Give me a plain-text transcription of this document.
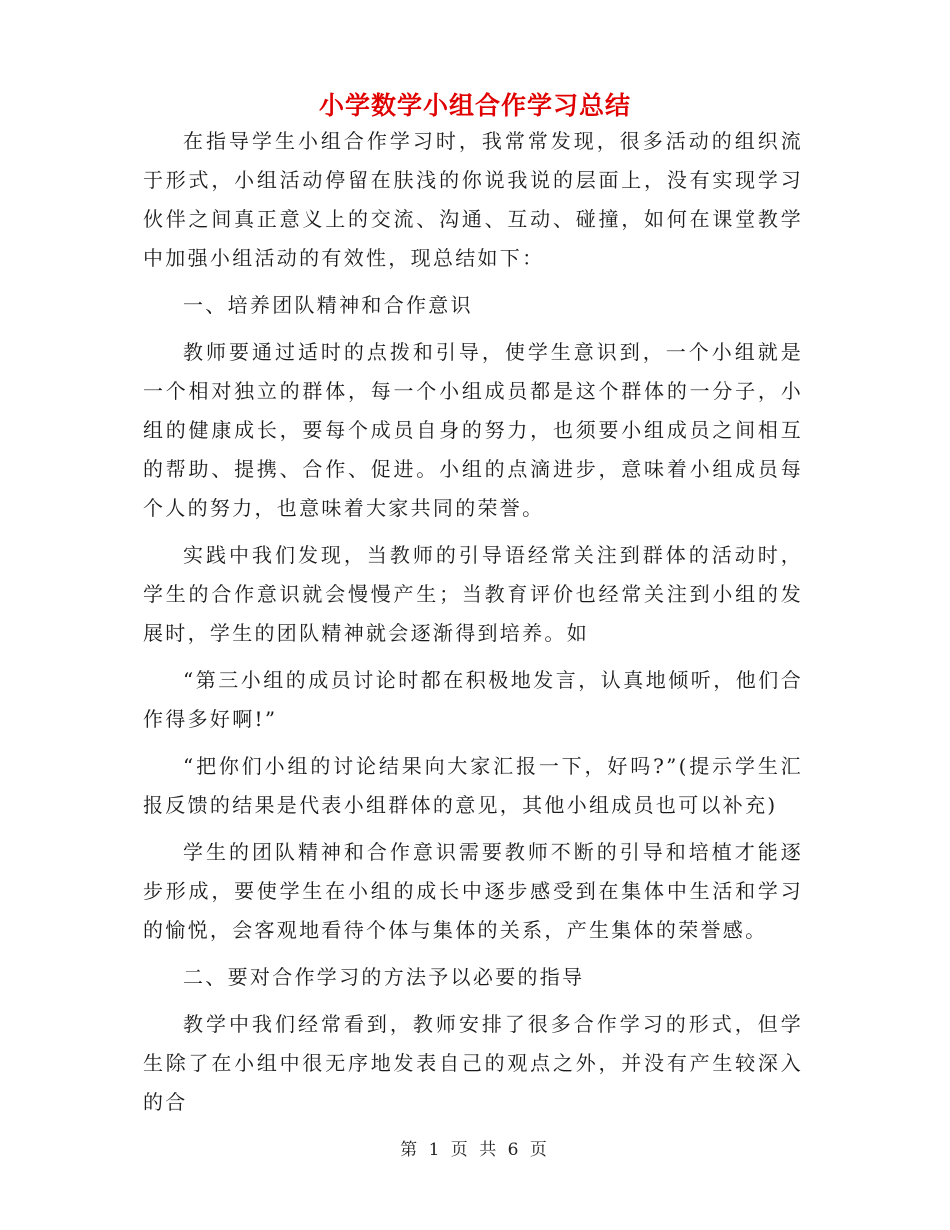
小学数学小组合作学习总结

在指导学生小组合作学习时，我常常发现，很多活动的组织流于形式，小组活动停留在肤浅的你说我说的层面上，没有实现学习伙伴之间真正意义上的交流、沟通、互动、碰撞，如何在课堂教学中加强小组活动的有效性，现总结如下：

一、培养团队精神和合作意识

教师要通过适时的点拨和引导，使学生意识到，一个小组就是一个相对独立的群体，每一个小组成员都是这个群体的一分子，小组的健康成长，要每个成员自身的努力，也须要小组成员之间相互的帮助、提携、合作、促进。小组的点滴进步，意味着小组成员每个人的努力，也意味着大家共同的荣誉。

实践中我们发现，当教师的引导语经常关注到群体的活动时，学生的合作意识就会慢慢产生；当教育评价也经常关注到小组的发展时，学生的团队精神就会逐渐得到培养。如

“第三小组的成员讨论时都在积极地发言，认真地倾听，他们合作得多好啊!”

“把你们小组的讨论结果向大家汇报一下，好吗?”(提示学生汇报反馈的结果是代表小组群体的意见，其他小组成员也可以补充)

学生的团队精神和合作意识需要教师不断的引导和培植才能逐步形成，要使学生在小组的成长中逐步感受到在集体中生活和学习的愉悦，会客观地看待个体与集体的关系，产生集体的荣誉感。

二、要对合作学习的方法予以必要的指导

教学中我们经常看到，教师安排了很多合作学习的形式，但学生除了在小组中很无序地发表自己的观点之外，并没有产生较深入的合

第 1 页 共 6 页
